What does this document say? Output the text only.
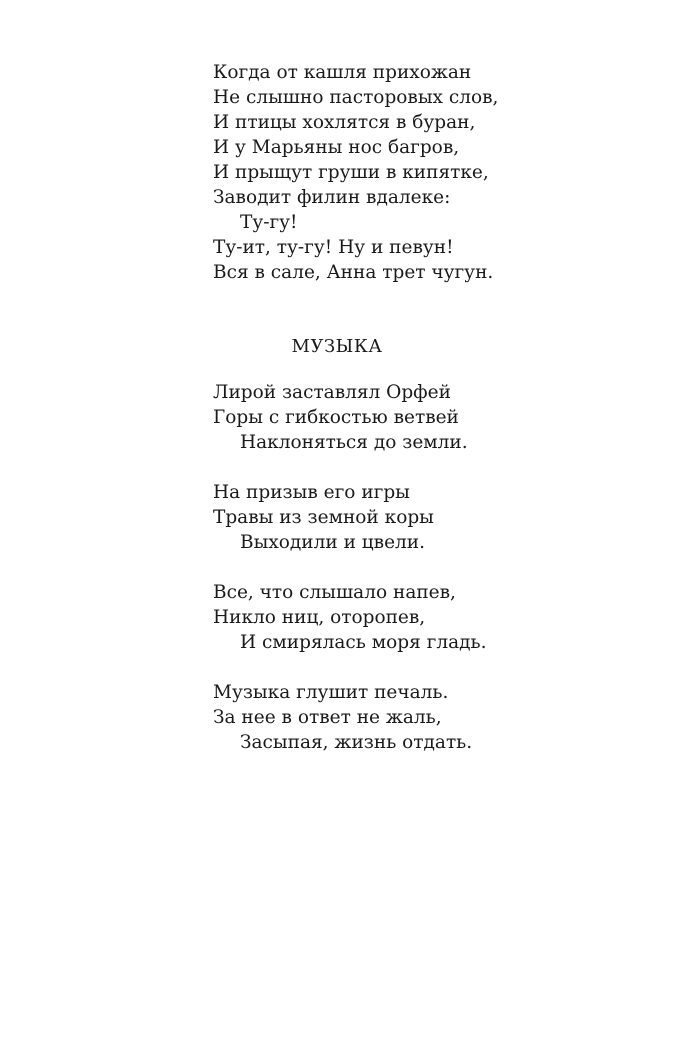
Когда от кашля прихожан
Не слышно пасторовых слов,
И птицы хохлятся в буран,
И у Марьяны нос багров,
И прыщут груши в кипятке,
Заводит филин вдалеке:
Ту-гу!
Ту-ит, ту-гу! Ну и певун!
Вся в сале, Анна трет чугун.
МУЗЫКА
Лирой заставлял Орфей
Горы с гибкостью ветвей
Наклоняться до земли.
На призыв его игры
Травы из земной коры
Выходили и цвели.
Все, что слышало напев,
Никло ниц, оторопев,
И смирялась моря гладь.
Музыка глушит печаль.
За нее в ответ не жаль,
Засыпая, жизнь отдать.
